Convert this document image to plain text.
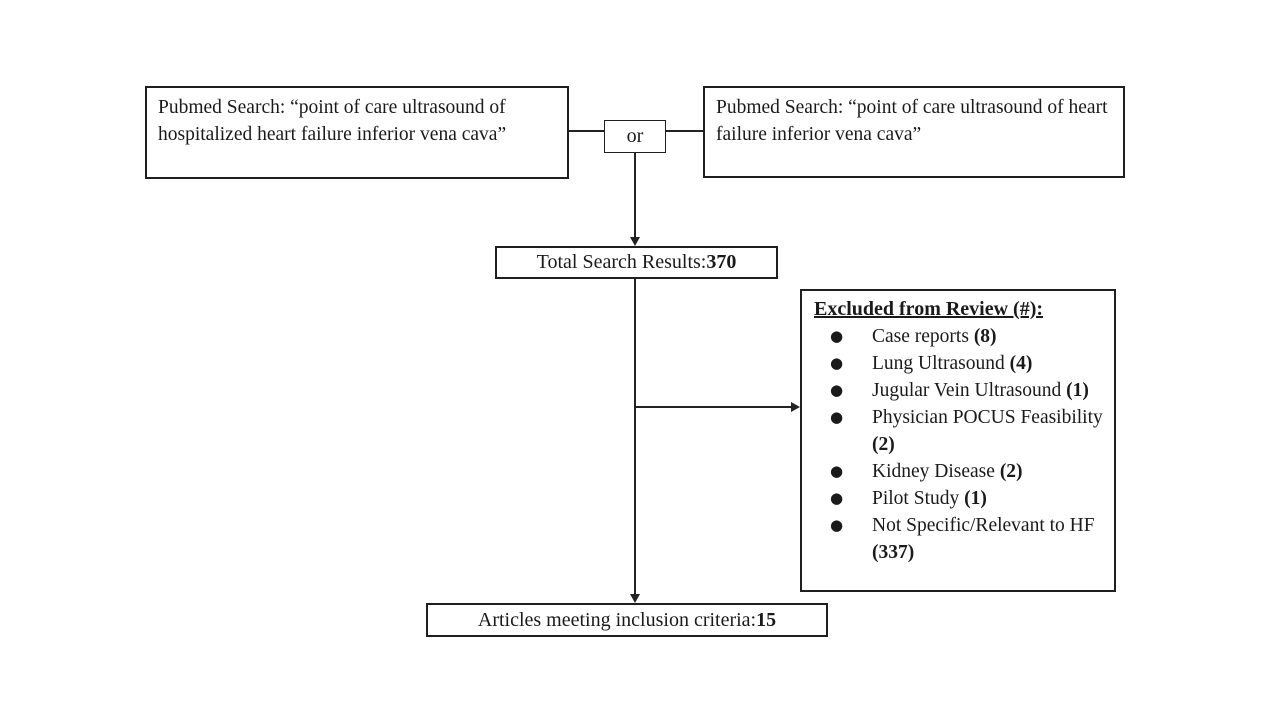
Pubmed Search: “point of care ultrasound of hospitalized heart failure inferior vena cava”	or
Pubmed Search: “point of care ultrasound of heart failure inferior vena cava”
Total Search Results: 370
Excluded from Review (#):
●	Case reports (8)
●	Lung Ultrasound (4)
●	Jugular Vein Ultrasound (1)
●	Physician POCUS Feasibility (2)
●	Kidney Disease (2)
●	Pilot Study (1)
●	Not Specific/Relevant to HF (337)
Articles meeting inclusion criteria: 15
